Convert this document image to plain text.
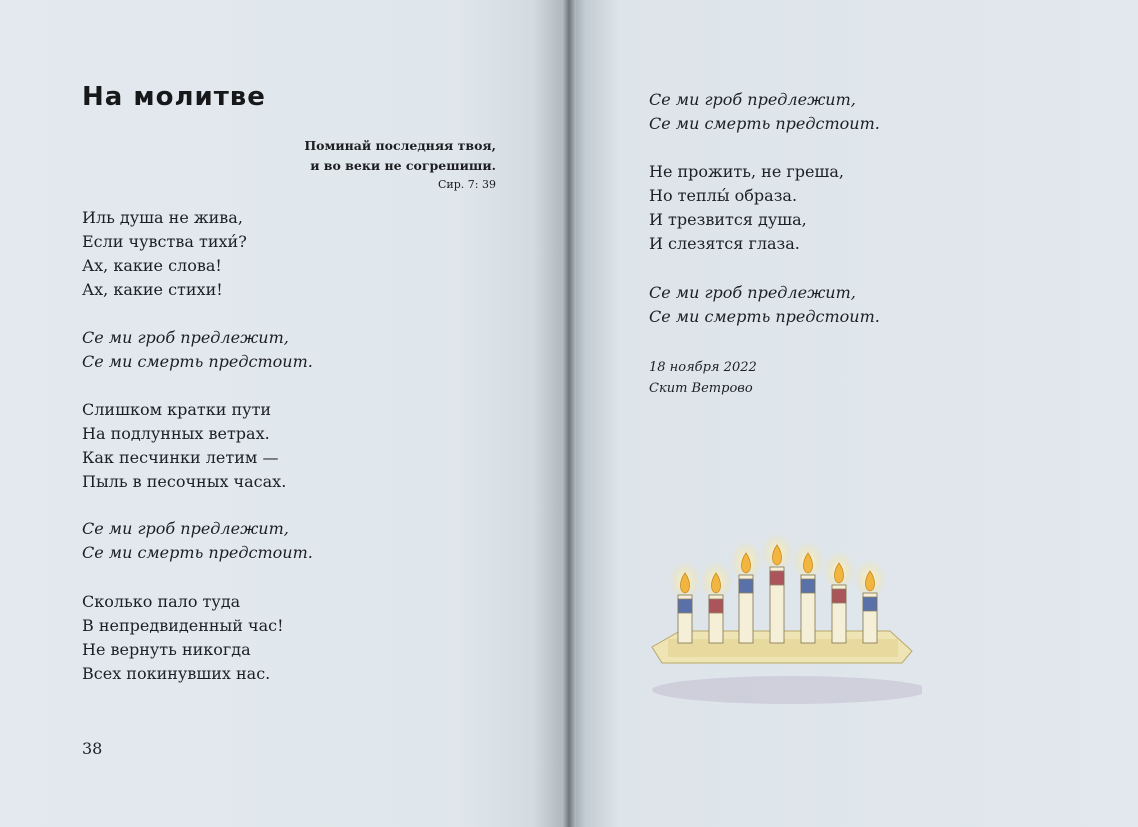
На молитве
Поминай последняя твоя,
и во веки не согрешиши.
Сир. 7: 39
Иль душа не жива,
Если чувства тихи́?
Ах, какие слова!
Ах, какие стихи!
Се ми гроб предлежит,
Се ми смерть предстоит.
Слишком кратки пути
На подлунных ветрах.
Как песчинки летим —
Пыль в песочных часах.
Се ми гроб предлежит,
Се ми смерть предстоит.
Сколько пало туда
В непредвиденный час!
Не вернуть никогда
Всех покинувших нас.
38
Се ми гроб предлежит,
Се ми смерть предстоит.
Не прожить, не греша,
Но теплы́ образа.
И трезвится душа,
И слезятся глаза.
Се ми гроб предлежит,
Се ми смерть предстоит.
18 ноября 2022
Скит Ветрово
